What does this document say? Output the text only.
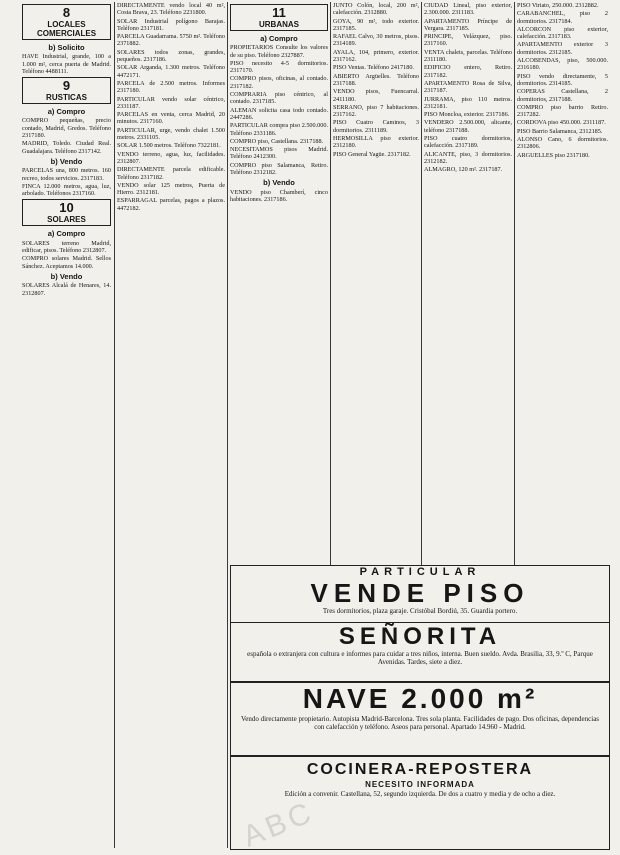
8
LOCALES COMERCIALES
b) Solicito

HAVE Industrial, grande, 100 a 1.000 m², cerca puerta de Madrid. Teléfono 4488111.

9
RUSTICAS
a) Compro

COMPRO pequeñas, precio contado, Madrid, Gredos. Teléfono 2317180.

MADRID, Toledo. Ciudad Real. Guadalajara. Teléfono 2317142.

b) Vendo

PARCELAS una, 800 metros. 160 recreo, todos servicios. 2317183.

FINCA 12.000 metros, agua, luz, arbolado. Teléfonos 2317160.

10
SOLARES
a) Compro

SOLARES terreno Madrid, edificar, pisos. Teléfono 2312807.

COMPRO solares Madrid. Sellos Sánchez. Aceptamos 14.000.

b) Vendo

SOLARES Alcalá de Henares, 14. 2312807.

DIRECTAMENTE vendo local 40 m², Costa Brava, 23. Teléfono 2231800.

SOLAR Industrial polígono Barajas. Teléfono 2317181.

PARCELA Guadarrama. 5750 m². Teléfono 2371882.

SOLARES todos zonas, grandes, pequeños. 2317186.

SOLAR Arganda, 1.300 metros. Teléfono 4472171.

PARCELA de 2.500 metros. Informes 2317180.

PARTICULAR vendo solar céntrico, 2331187.

PARCELAS en venta, cerca Madrid, 20 minutos. 2317160.

PARTICULAR, urge, vendo chalet 1.500 metros. 2331105.

SOLAR 1.500 metros. Teléfono 7322181.

VENDO terreno, agua, luz, facilidades. 2312807.

DIRECTAMENTE parcela edificable. Teléfono 2317182.

VENDO solar 125 metros, Puerta de Hierro. 2312181.

ESPARRAGAL parcelas, pagos a plazos. 4472182.

11
URBANAS
a) Compro

PROPIETARIOS Consulte los valores de su piso. Teléfono 2327887.

PISO necesito 4-5 dormitorios. 2317170.

COMPRO pisos, oficinas, al contado. 2317182.

COMPRARIA piso céntrico, al contado. 2317185.

ALEMAN solicita casa todo contado. 2447286.

PARTICULAR compra piso 2.500.000. Teléfono 2331186.

COMPRO piso, Castellana. 2317188.

NECESITAMOS pisos Madrid. Teléfono 2412300.

COMPRO piso Salamanca, Retiro. Teléfono 2312182.

b) Vendo

VENDO piso Chamberí, cinco habitaciones. 2317186.

JUNTO Colón, local, 200 m², calefacción. 2312880.

GOYA, 90 m², todo exterior. 2317185.

RAFAEL Calvo, 30 metros, pisos. 2314189.

AYALA, 104, primero, exterior. 2317162.

PISO Ventas. Teléfono 2417180.

ABIERTO Argüelles. Teléfono 2317188.

VENDO pisos, Fuencarral. 2411180.

SERRANO, piso 7 habitaciones. 2317162.

PISO Cuatro Caminos, 3 dormitorios. 2311189.

HERMOSILLA piso exterior. 2312180.

PISO General Yagüe. 2317182.

CIUDAD Lineal, piso exterior, 2.300.000. 2311183.

APARTAMENTO Príncipe de Vergara. 2317185.

PRINCIPE, Velázquez, piso. 2317160.

VENTA chalets, parcelas. Teléfono 2311180.

EDIFICIO entero, Retiro. 2317182.

APARTAMENTO Rosa de Silva, 2317187.

JURRAMA, piso 110 metros. 2312181.

PISO Moncloa, exterior. 2317186.

VENDERO 2.500.000, alicante, teléfono 2317188.

PISO cuatro dormitorios, calefacción. 2317189.

ALICANTE, piso, 3 dormitorios. 2312182.

ALMAGRO, 120 m². 2317187.

PISO Viriato, 250.000. 2312882.

CARABANCHEL, piso 2 dormitorios. 2317184.

ALCORCON piso exterior, calefacción. 2317183.

APARTAMENTO exterior 3 dormitorios. 2312185.

ALCOBENDAS, piso, 500.000. 2316180.

PISO vendo directamente, 5 dormitorios. 2314185.

COPERAS Castellana, 2 dormitorios, 2317188.

COMPRO piso barrio Retiro. 2317282.

CORDOVA piso 450.000. 2311187.

PISO Barrio Salamanca, 2312185.

ALONSO Cano, 6 dormitorios. 2312806.

ARGUELLES piso 2317180.

PARTICULAR
VENDE PISO
Tres dormitorios, plaza garaje. Cristóbal Bordiú, 35. Guardia portero.
SEÑORITA
española o extranjera con cultura e informes para cuidar a tres niños, interna. Buen sueldo. Avda. Brasilia, 33, 9.º C, Parque Avenidas. Tardes, siete a diez.
NAVE 2.000 m²
Vendo directamente propietario. Autopista Madrid-Barcelona. Tres sola planta. Facilidades de pago. Dos oficinas, dependencias con calefacción y teléfono. Aseos para personal. Apartado 14.960 - Madrid.
COCINERA-REPOSTERA
NECESITO INFORMADA
Edición a convenir. Castellana, 52, segundo izquierda. De dos a cuatro y media y de ocho a diez.
ABC
